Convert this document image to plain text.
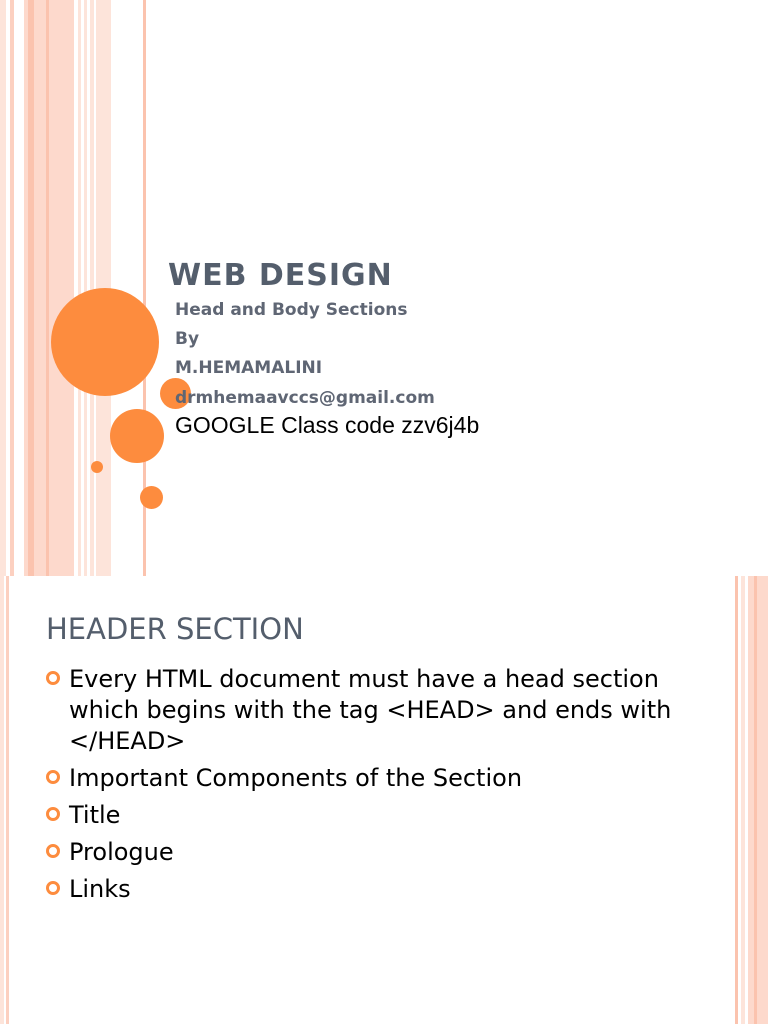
WEB DESIGN
Head and Body Sections
By
M.HEMAMALINI
drmhemaavccs@gmail.com
GOOGLE Class code zzv6j4b
HEADER SECTION
Every HTML document must have a head section which begins with the tag <HEAD> and ends with </HEAD>
Important Components of the Section
Title
Prologue
Links
